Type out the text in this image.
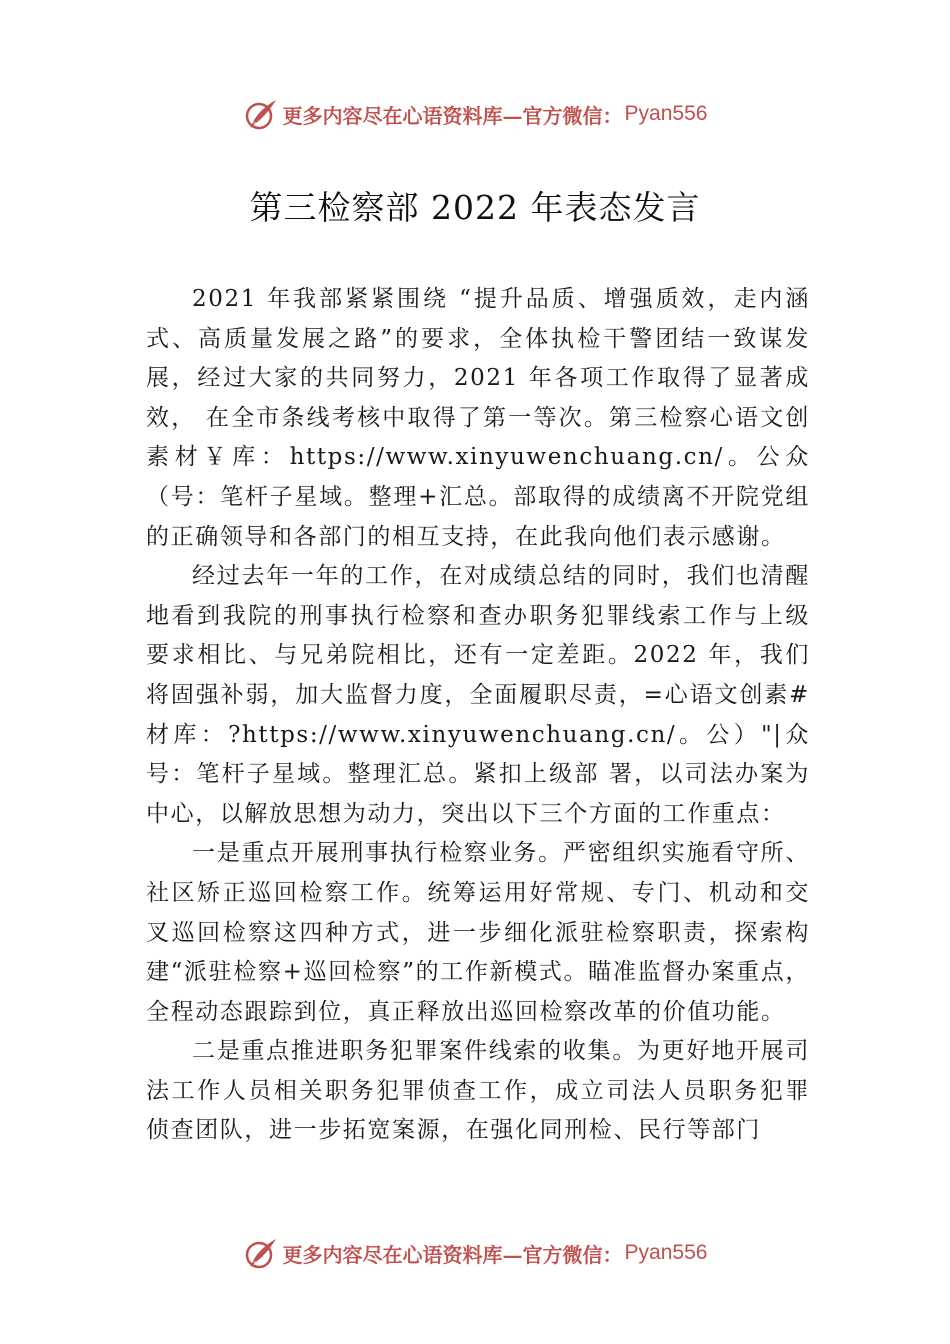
更多内容尽在心语资料库—官方微信： Pyan556
第三检察部 2022 年表态发言

2021 年我部紧紧围绕 “提升品质、增强质效，走内涵式、高质量发展之路”的要求，全体执检干警团结一致谋发展，经过大家的共同努力，2021 年各项工作取得了显著成效， 在全市条线考核中取得了第一等次。第三检察心语文创素材￥库：https://www.xinyuwenchuang.cn/。公众（号：笔杆子星域。整理+汇总。部取得的成绩离不开院党组的正确领导和各部门的相互支持，在此我向他们表示感谢。

经过去年一年的工作，在对成绩总结的同时，我们也清醒地看到我院的刑事执行检察和查办职务犯罪线索工作与上级要求相比、与兄弟院相比，还有一定差距。2022 年，我们将固强补弱，加大监督力度，全面履职尽责，=心语文创素#材库：?https://www.xinyuwenchuang.cn/。公）"|众号：笔杆子星域。整理汇总。紧扣上级部 署，以司法办案为中心，以解放思想为动力，突出以下三个方面的工作重点：

一是重点开展刑事执行检察业务。严密组织实施看守所、社区矫正巡回检察工作。统筹运用好常规、专门、机动和交叉巡回检察这四种方式，进一步细化派驻检察职责，探索构建“派驻检察+巡回检察”的工作新模式。瞄准监督办案重点，全程动态跟踪到位，真正释放出巡回检察改革的价值功能。

二是重点推进职务犯罪案件线索的收集。为更好地开展司法工作人员相关职务犯罪侦查工作，成立司法人员职务犯罪侦查团队，进一步拓宽案源，在强化同刑检、民行等部门

更多内容尽在心语资料库—官方微信： Pyan556
